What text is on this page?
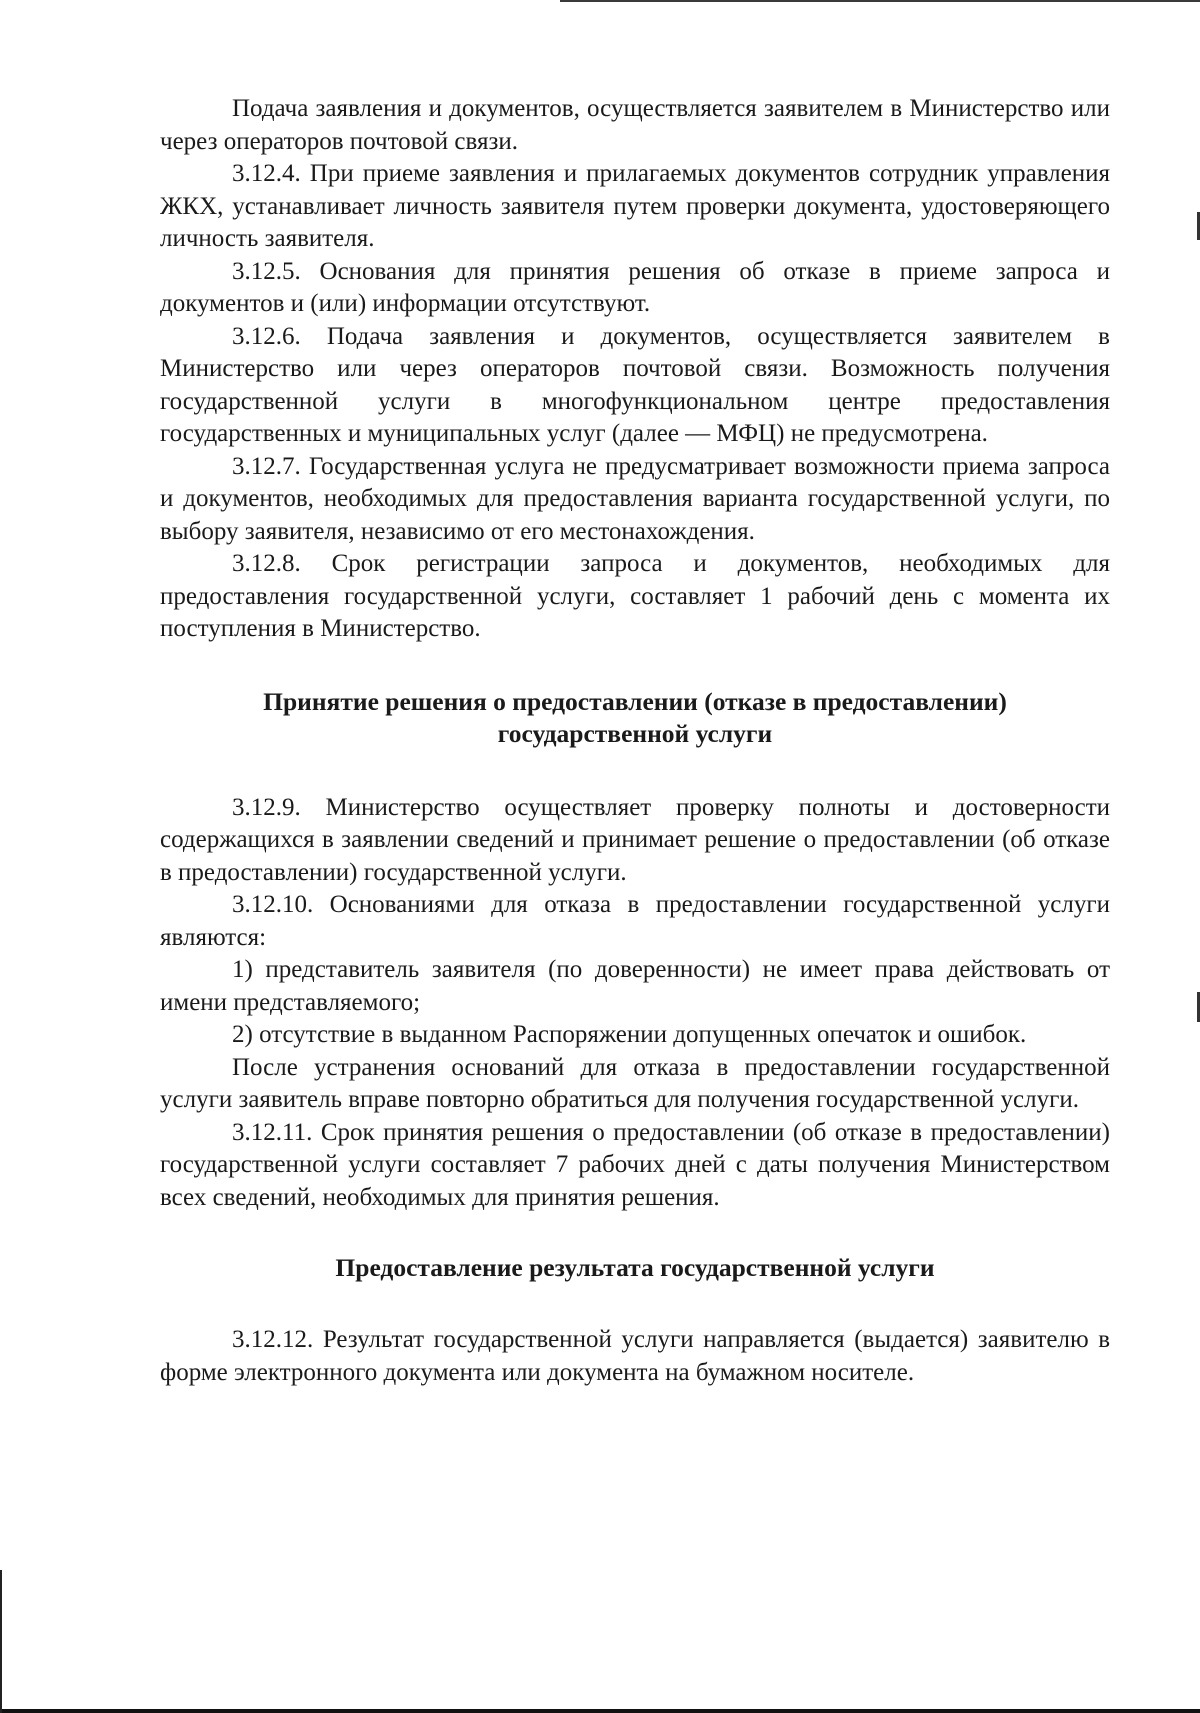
Подача заявления и документов, осуществляется заявителем в Министерство или через операторов почтовой связи.

3.12.4. При приеме заявления и прилагаемых документов сотрудник управления ЖКХ, устанавливает личность заявителя путем проверки документа, удостоверяющего личность заявителя.

3.12.5. Основания для принятия решения об отказе в приеме запроса и документов и (или) информации отсутствуют.

3.12.6. Подача заявления и документов, осуществляется заявителем в Министерство или через операторов почтовой связи. Возможность получения государственной услуги в многофункциональном центре предоставления государственных и муниципальных услуг (далее — МФЦ) не предусмотрена.

3.12.7. Государственная услуга не предусматривает возможности приема запроса и документов, необходимых для предоставления варианта государственной услуги, по выбору заявителя, независимо от его местонахождения.

3.12.8. Срок регистрации запроса и документов, необходимых для предоставления государственной услуги, составляет 1 рабочий день с момента их поступления в Министерство.

Принятие решения о предоставлении (отказе в предоставлении) государственной услуги

3.12.9. Министерство осуществляет проверку полноты и достоверности содержащихся в заявлении сведений и принимает решение о предоставлении (об отказе в предоставлении) государственной услуги.

3.12.10. Основаниями для отказа в предоставлении государственной услуги являются:

1) представитель заявителя (по доверенности) не имеет права действовать от имени представляемого;

2) отсутствие в выданном Распоряжении допущенных опечаток и ошибок.

После устранения оснований для отказа в предоставлении государственной услуги заявитель вправе повторно обратиться для получения государственной услуги.

3.12.11. Срок принятия решения о предоставлении (об отказе в предоставлении) государственной услуги составляет 7 рабочих дней с даты получения Министерством всех сведений, необходимых для принятия решения.

Предоставление результата государственной услуги

3.12.12. Результат государственной услуги направляется (выдается) заявителю в форме электронного документа или документа на бумажном носителе.
